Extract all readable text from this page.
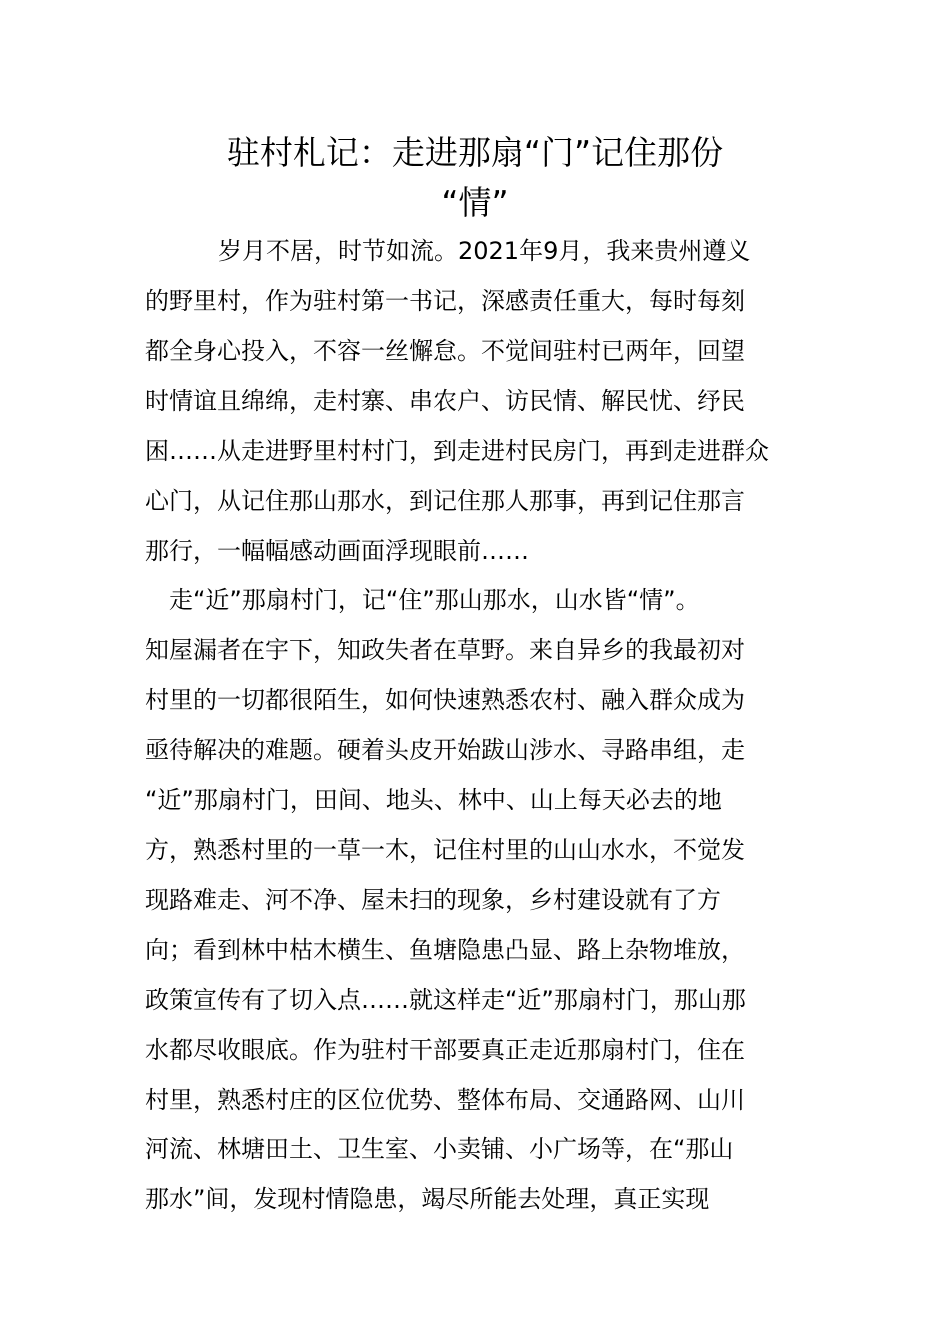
驻村札记：走进那扇“门”记住那份
“情”
岁月不居，时节如流。2021年9月，我来贵州遵义
的野里村，作为驻村第一书记，深感责任重大，每时每刻
都全身心投入，不容一丝懈怠。不觉间驻村已两年，回望
时情谊且绵绵，走村寨、串农户、访民情、解民忧、纾民
困……从走进野里村村门，到走进村民房门，再到走进群众
心门，从记住那山那水，到记住那人那事，再到记住那言
那行，一幅幅感动画面浮现眼前……
走“近”那扇村门，记“住”那山那水，山水皆“情”。
知屋漏者在宇下，知政失者在草野。来自异乡的我最初对
村里的一切都很陌生，如何快速熟悉农村、融入群众成为
亟待解决的难题。硬着头皮开始跋山涉水、寻路串组，走
“近”那扇村门，田间、地头、林中、山上每天必去的地
方，熟悉村里的一草一木，记住村里的山山水水，不觉发
现路难走、河不净、屋未扫的现象，乡村建设就有了方
向；看到林中枯木横生、鱼塘隐患凸显、路上杂物堆放，
政策宣传有了切入点……就这样走“近”那扇村门，那山那
水都尽收眼底。作为驻村干部要真正走近那扇村门，住在
村里，熟悉村庄的区位优势、整体布局、交通路网、山川
河流、林塘田土、卫生室、小卖铺、小广场等，在“那山
那水”间，发现村情隐患，竭尽所能去处理，真正实现
